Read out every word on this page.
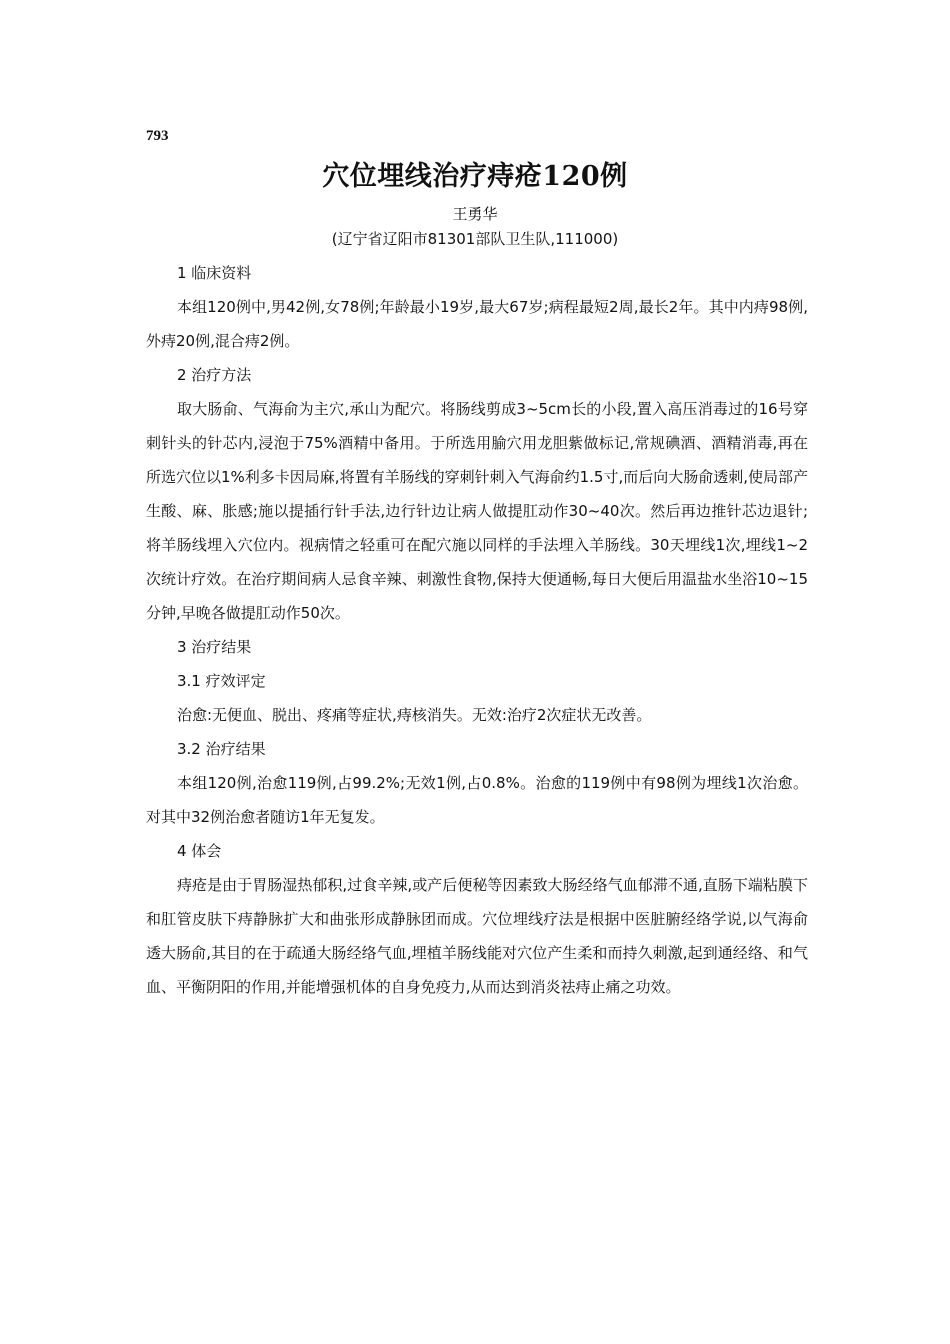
793
穴位埋线治疗痔疮120例
王勇华
(辽宁省辽阳市81301部队卫生队,111000)

1 临床资料

本组120例中,男42例,女78例;年龄最小19岁,最大67岁;病程最短2周,最长2年。其中内痔98例,外痔20例,混合痔2例。

2 治疗方法

取大肠俞、气海俞为主穴,承山为配穴。将肠线剪成3~5cm长的小段,置入高压消毒过的16号穿刺针头的针芯内,浸泡于75%酒精中备用。于所选用腧穴用龙胆紫做标记,常规碘酒、酒精消毒,再在所选穴位以1%利多卡因局麻,将置有羊肠线的穿刺针刺入气海俞约1.5寸,而后向大肠俞透刺,使局部产生酸、麻、胀感;施以提插行针手法,边行针边让病人做提肛动作30~40次。然后再边推针芯边退针;将羊肠线埋入穴位内。视病情之轻重可在配穴施以同样的手法埋入羊肠线。30天埋线1次,埋线1~2次统计疗效。在治疗期间病人忌食辛辣、刺激性食物,保持大便通畅,每日大便后用温盐水坐浴10~15分钟,早晚各做提肛动作50次。

3 治疗结果

3.1 疗效评定

治愈:无便血、脱出、疼痛等症状,痔核消失。无效:治疗2次症状无改善。

3.2 治疗结果

本组120例,治愈119例,占99.2%;无效1例,占0.8%。治愈的119例中有98例为埋线1次治愈。对其中32例治愈者随访1年无复发。

4 体会

痔疮是由于胃肠湿热郁积,过食辛辣,或产后便秘等因素致大肠经络气血郁滞不通,直肠下端粘膜下和肛管皮肤下痔静脉扩大和曲张形成静脉团而成。穴位埋线疗法是根据中医脏腑经络学说,以气海俞透大肠俞,其目的在于疏通大肠经络气血,埋植羊肠线能对穴位产生柔和而持久刺激,起到通经络、和气血、平衡阴阳的作用,并能增强机体的自身免疫力,从而达到消炎祛痔止痛之功效。
